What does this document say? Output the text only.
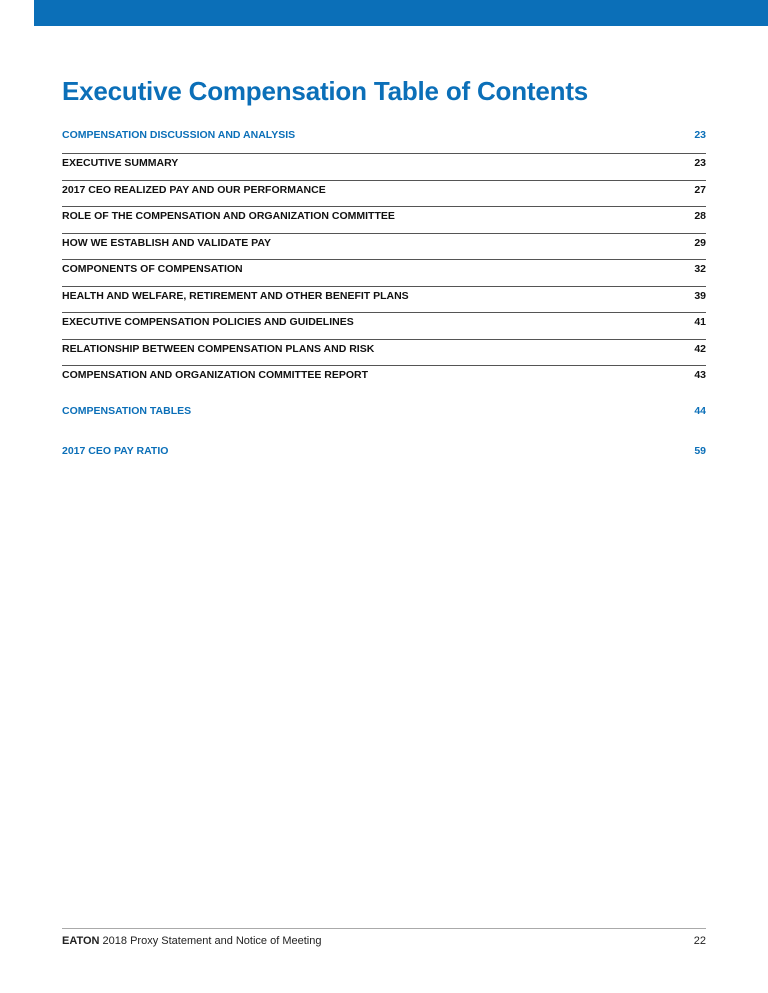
Executive Compensation Table of Contents
COMPENSATION DISCUSSION AND ANALYSIS	23
EXECUTIVE SUMMARY	23
2017 CEO REALIZED PAY AND OUR PERFORMANCE	27
ROLE OF THE COMPENSATION AND ORGANIZATION COMMITTEE	28
HOW WE ESTABLISH AND VALIDATE PAY	29
COMPONENTS OF COMPENSATION	32
HEALTH AND WELFARE, RETIREMENT AND OTHER BENEFIT PLANS	39
EXECUTIVE COMPENSATION POLICIES AND GUIDELINES	41
RELATIONSHIP BETWEEN COMPENSATION PLANS AND RISK	42
COMPENSATION AND ORGANIZATION COMMITTEE REPORT	43
COMPENSATION TABLES	44
2017 CEO PAY RATIO	59
EATON 2018 Proxy Statement and Notice of Meeting	22
